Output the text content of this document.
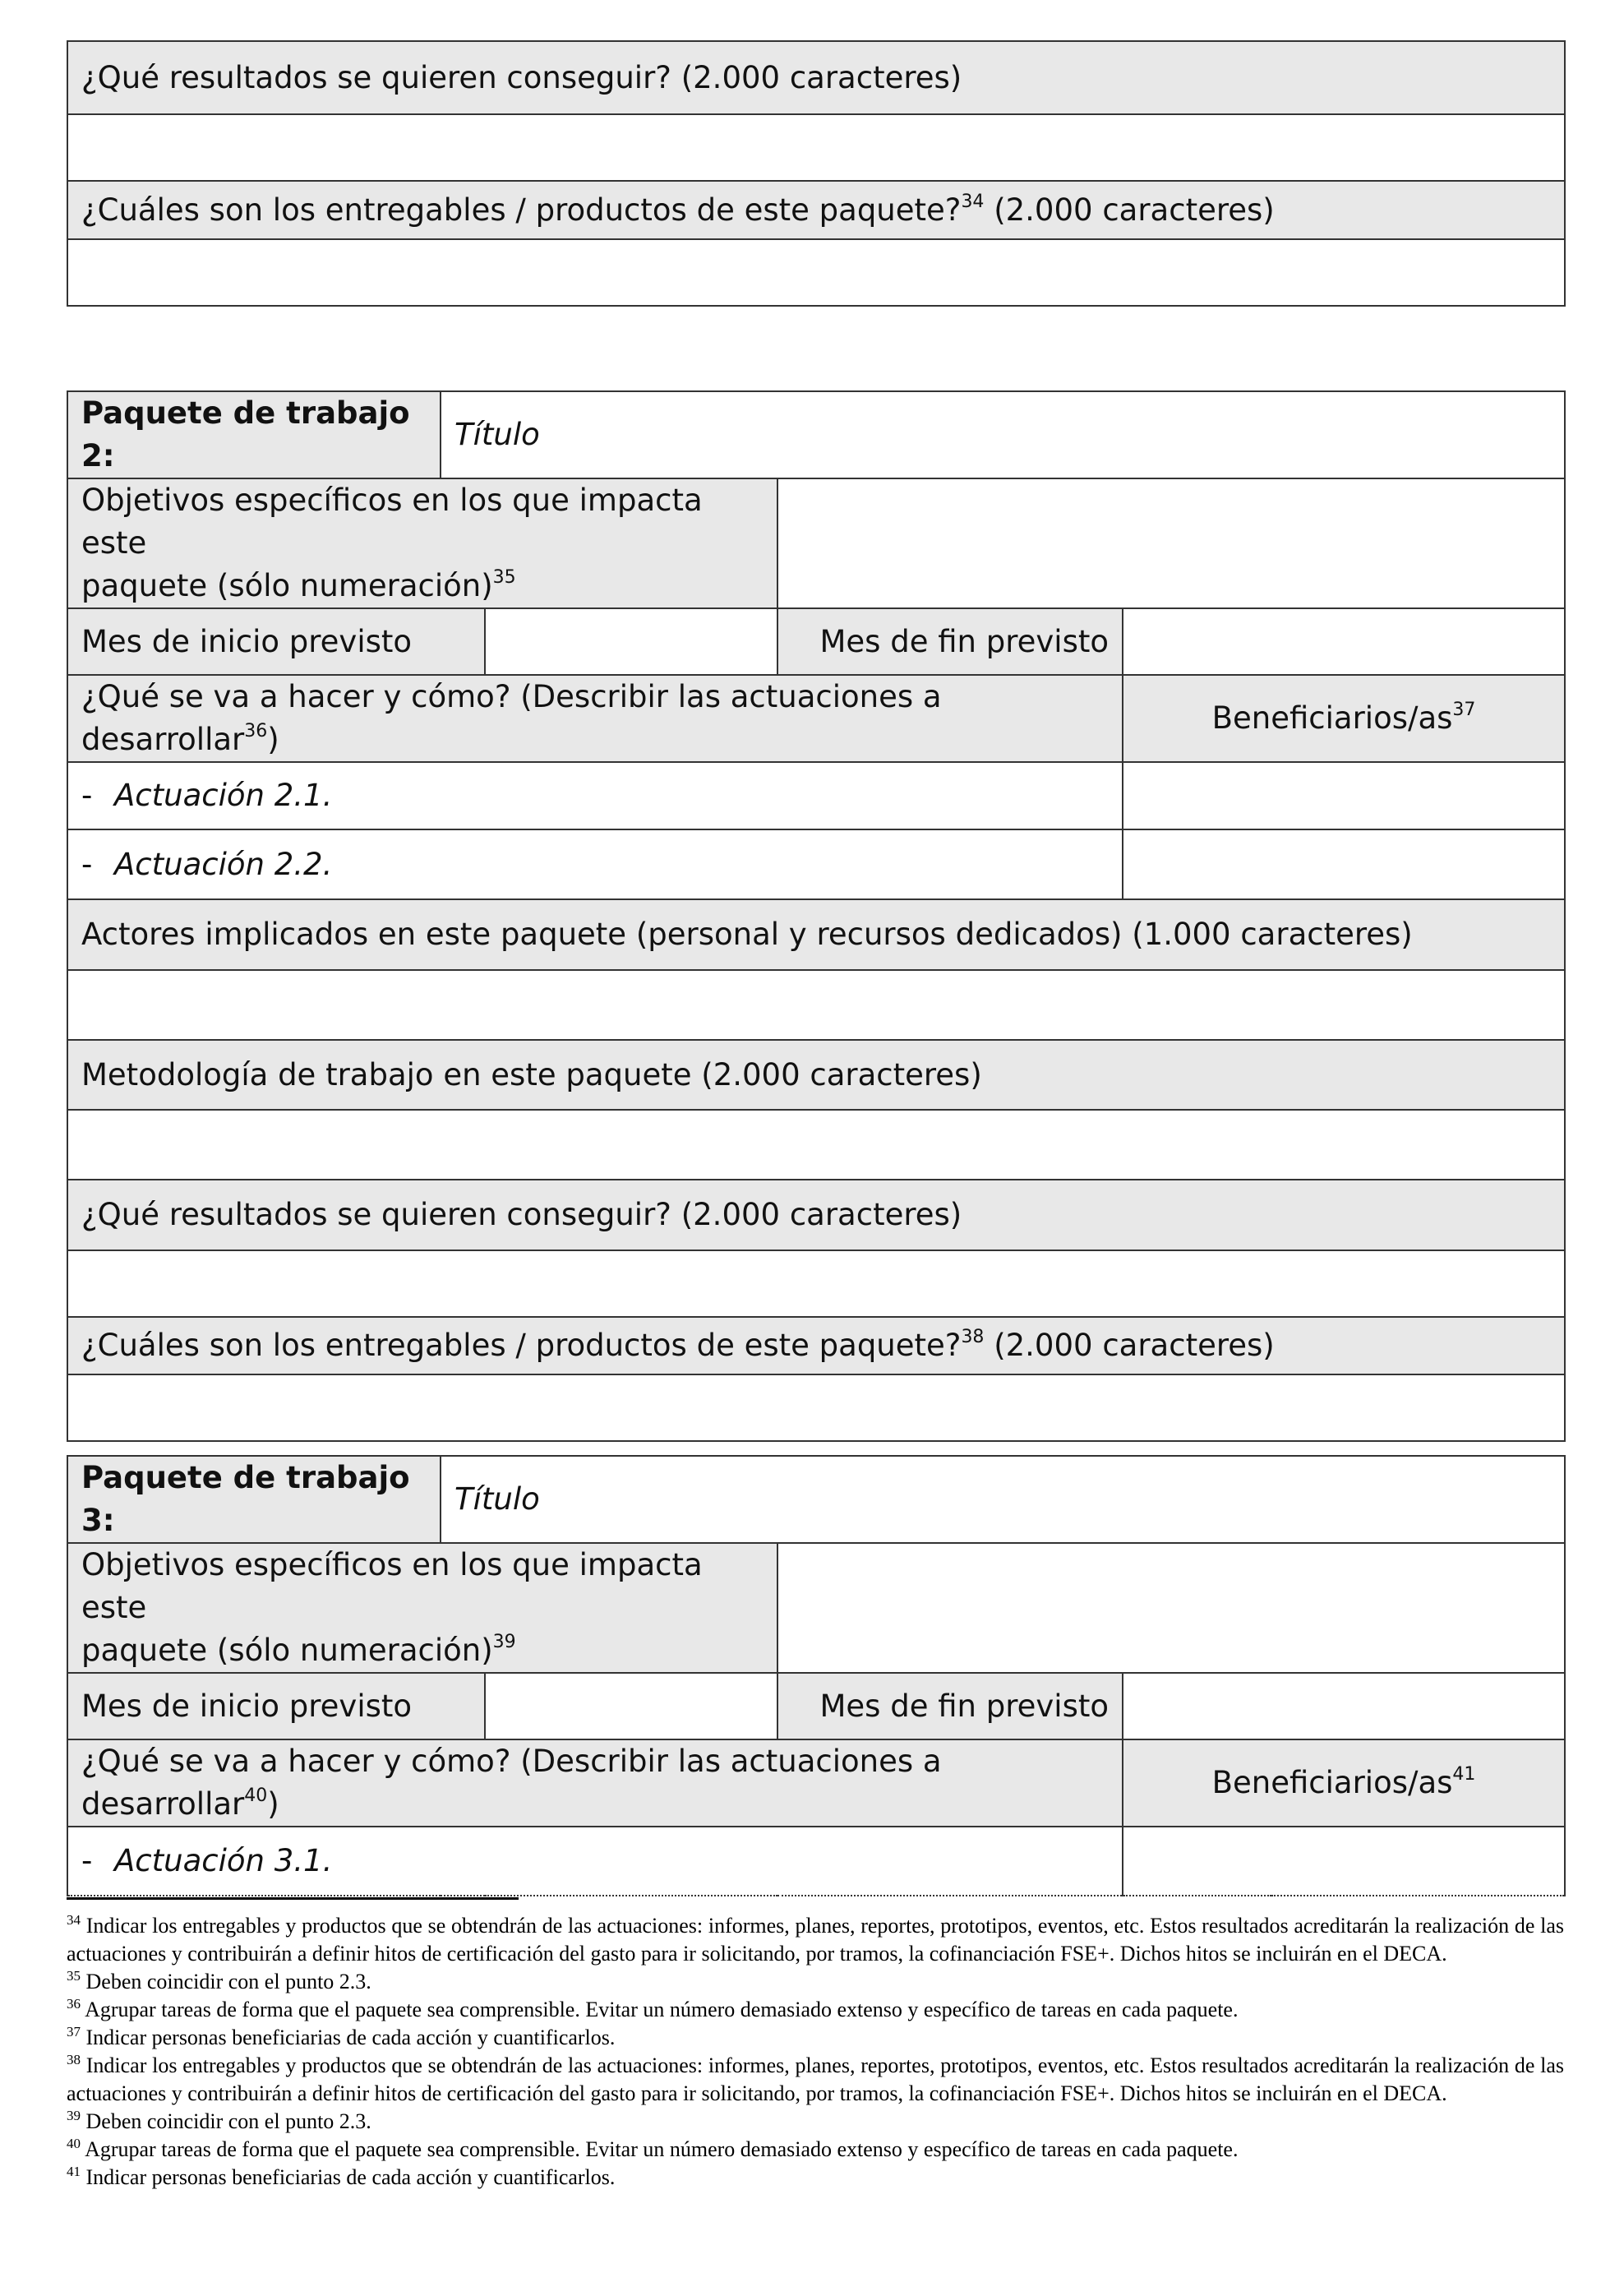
¿Qué resultados se quieren conseguir? (2.000 caracteres)

¿Cuáles son los entregables / productos de este paquete?$^{34}$ (2.000 caracteres)

Paquete de trabajo 2:	Título			
Objetivos específicos en los que impacta este
paquete (sólo numeración)$^{35}$	
Mes de inicio previsto			Mes de fin previsto	
¿Qué se va a hacer y cómo? (Describir las actuaciones a desarrollar$^{36}$)				Beneficiarios/$as^{37}$
- Actuación 2.1.				
- Actuación 2.2.				
Actores implicados en este paquete (personal y recursos dedicados) (1.000 caracteres)				

Metodología de trabajo en este paquete (2.000 caracteres)				

¿Qué resultados se quieren conseguir? (2.000 caracteres)				

¿Cuáles son los entregables / productos de este paquete?$^{38}$ (2.000 caracteres)				

Paquete de trabajo 3:	Título			
Objetivos específicos en los que impacta este
paquete (sólo numeración)$^{39}$	
Mes de inicio previsto			Mes de fin previsto	
¿Qué se va a hacer y cómo? (Describir las actuaciones a desarrollar$^{40}$)				Beneficiarios/$as^{41}$
- Actuación 3.1.				
$^{34}$ Indicar los entregables y productos que se obtendrán de las actuaciones: informes, planes, reportes, prototipos, eventos, etc. Estos resultados acreditarán la realización de las actuaciones y contribuirán a definir hitos de certificación del gasto para ir solicitando, por tramos, la cofinanciación FSE+. Dichos hitos se incluirán en el DECA.
$^{35}$ Deben coincidir con el punto 2.3.
$^{36}$ Agrupar tareas de forma que el paquete sea comprensible. Evitar un número demasiado extenso y específico de tareas en cada paquete.
$^{37}$ Indicar personas beneficiarias de cada acción y cuantificarlos.
$^{38}$ Indicar los entregables y productos que se obtendrán de las actuaciones: informes, planes, reportes, prototipos, eventos, etc. Estos resultados acreditarán la realización de las actuaciones y contribuirán a definir hitos de certificación del gasto para ir solicitando, por tramos, la cofinanciación FSE+. Dichos hitos se incluirán en el DECA.
$^{39}$ Deben coincidir con el punto 2.3.
$^{40}$ Agrupar tareas de forma que el paquete sea comprensible. Evitar un número demasiado extenso y específico de tareas en cada paquete.
$^{41}$ Indicar personas beneficiarias de cada acción y cuantificarlos.
